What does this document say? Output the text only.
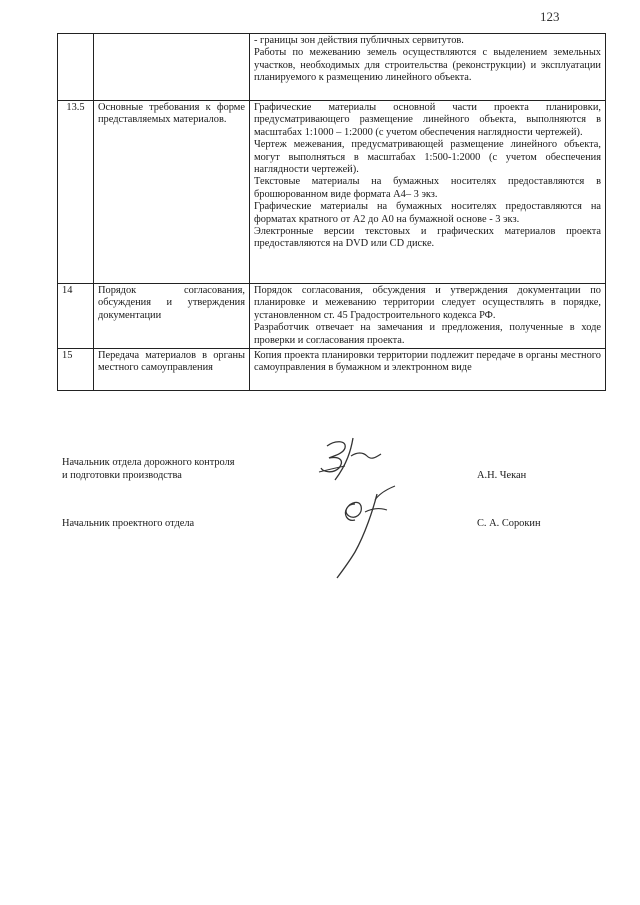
123

		- границы зон действия публичных сервитутов.

Работы по межеванию земель осуществляются с выделением земельных участков, необходимых для строительства (реконструкции) и эксплуатации планируемого к размещению линейного объекта.

13.5	Основные требования к форме представляемых материалов.	Графические материалы основной части проекта планировки, предусматривающего размещение линейного объекта, выполняются в масштабах 1:1000 – 1:2000 (с учетом обеспечения наглядности чертежей).

Чертеж межевания, предусматривающей размещение линейного объекта, могут выполняться в масштабах 1:500-1:2000 (с учетом обеспечения наглядности чертежей).

Текстовые материалы на бумажных носителях предоставляются в брошюрованном виде формата А4– 3 экз.

Графические материалы на бумажных носителях предоставляются на форматах кратного от А2 до А0 на бумажной основе - 3 экз.

Электронные версии текстовых и графических материалов проекта предоставляются на DVD или CD диске.

14	Порядок согласования, обсуждения и утверждения документации	Порядок согласования, обсуждения и утверждения документации по планировке и межеванию территории следует осуществлять в порядке, установленном ст. 45 Градостроительного кодекса РФ.

Разработчик отвечает на замечания и предложения, полученные в ходе проверки и согласования проекта.

15	Передача материалов в органы местного самоуправления	Копия проекта планировки территории подлежит передаче в органы местного самоуправления в бумажном и электронном виде

Начальник отдела дорожного контроля
и подготовки производства	А.Н. Чекан
Начальник проектного отдела	С. А. Сорокин
